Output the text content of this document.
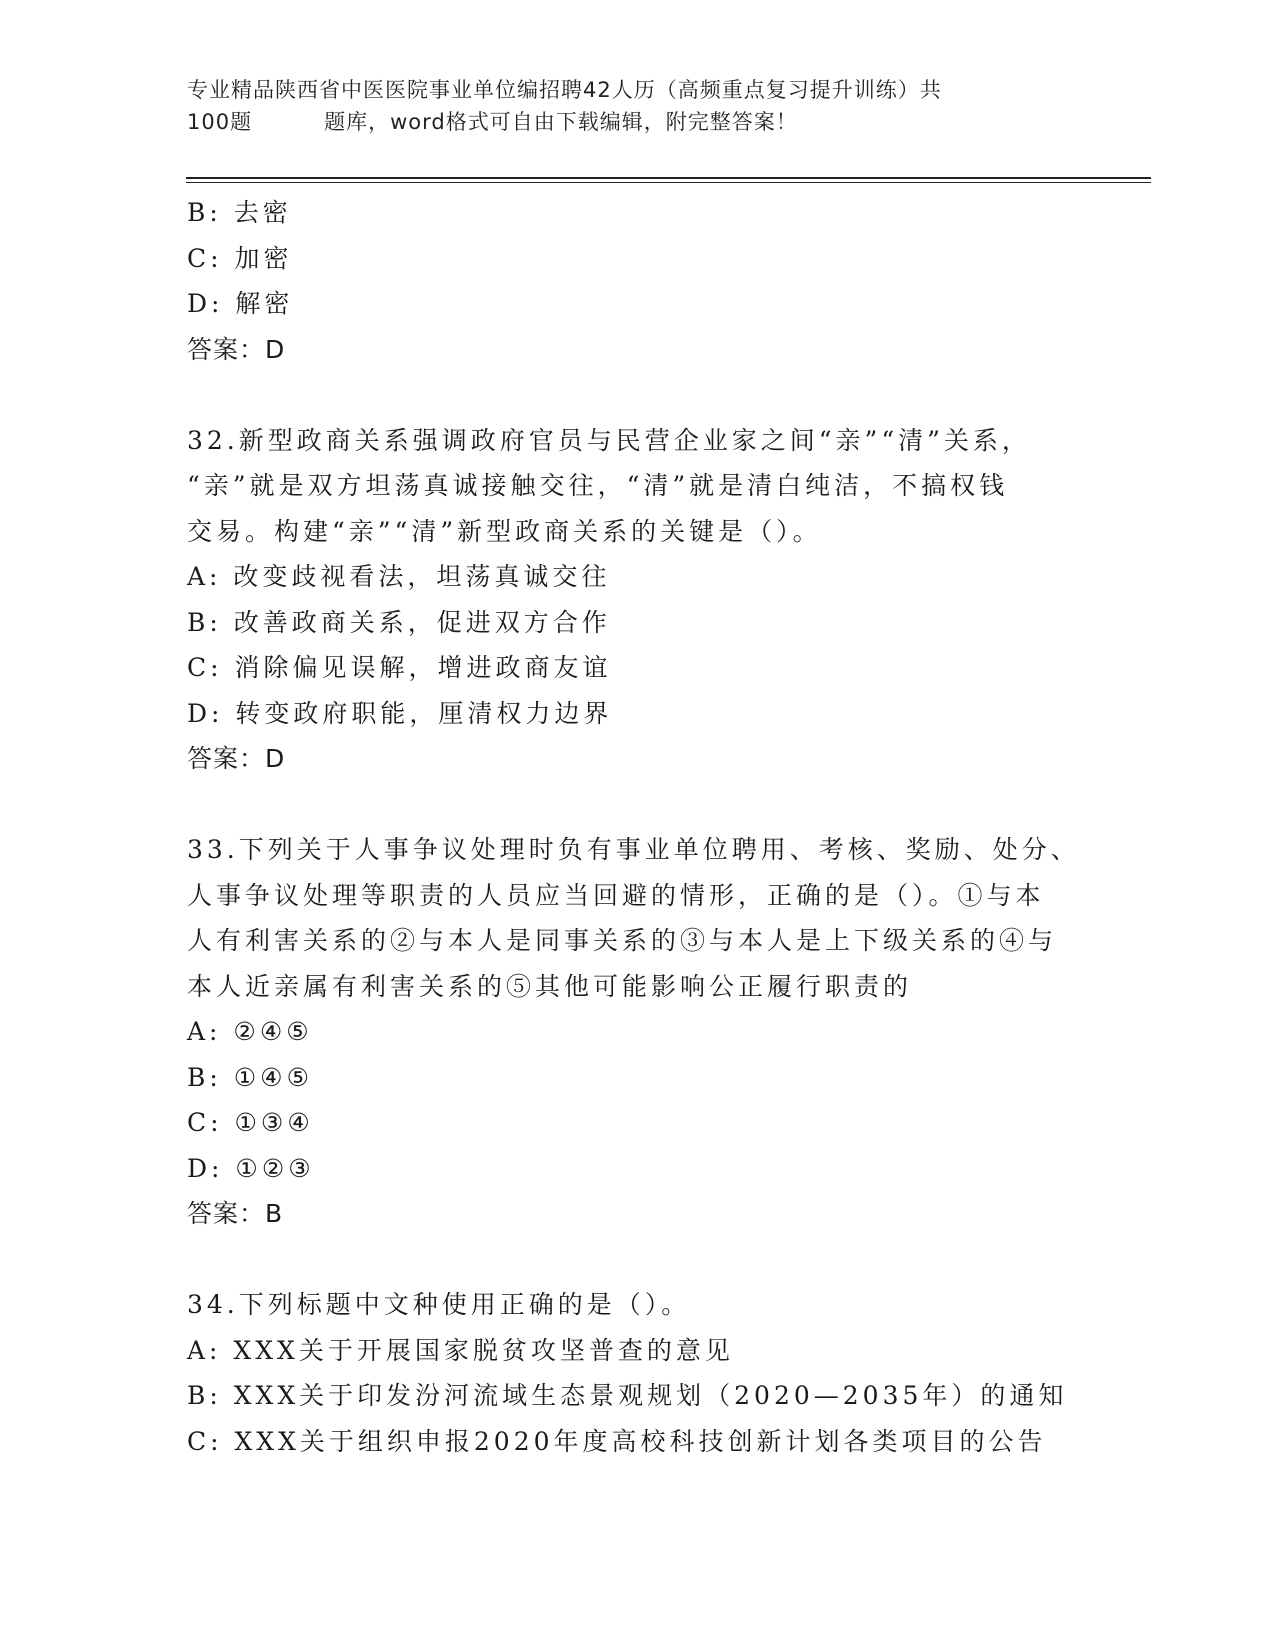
专业精品陕西省中医医院事业单位编招聘42人历（高频重点复习提升训练）共
100题	题库，word格式可自由下载编辑，附完整答案！
B: 去密
C: 加密
D: 解密
答案：D
32.新型政商关系强调政府官员与民营企业家之间“亲”“清”关系，
“亲”就是双方坦荡真诚接触交往，“清”就是清白纯洁，不搞权钱
交易。构建“亲”“清”新型政商关系的关键是（）。
A: 改变歧视看法，坦荡真诚交往
B: 改善政商关系，促进双方合作
C: 消除偏见误解，增进政商友谊
D: 转变政府职能，厘清权力边界
答案：D
33.下列关于人事争议处理时负有事业单位聘用、考核、奖励、处分、
人事争议处理等职责的人员应当回避的情形，正确的是（）。①与本
人有利害关系的②与本人是同事关系的③与本人是上下级关系的④与
本人近亲属有利害关系的⑤其他可能影响公正履行职责的
A: ②④⑤
B: ①④⑤
C: ①③④
D: ①②③
答案：B
34.下列标题中文种使用正确的是（）。
A: XXX关于开展国家脱贫攻坚普查的意见
B: XXX关于印发汾河流域生态景观规划（2020—2035年）的通知
C: XXX关于组织申报2020年度高校科技创新计划各类项目的公告
